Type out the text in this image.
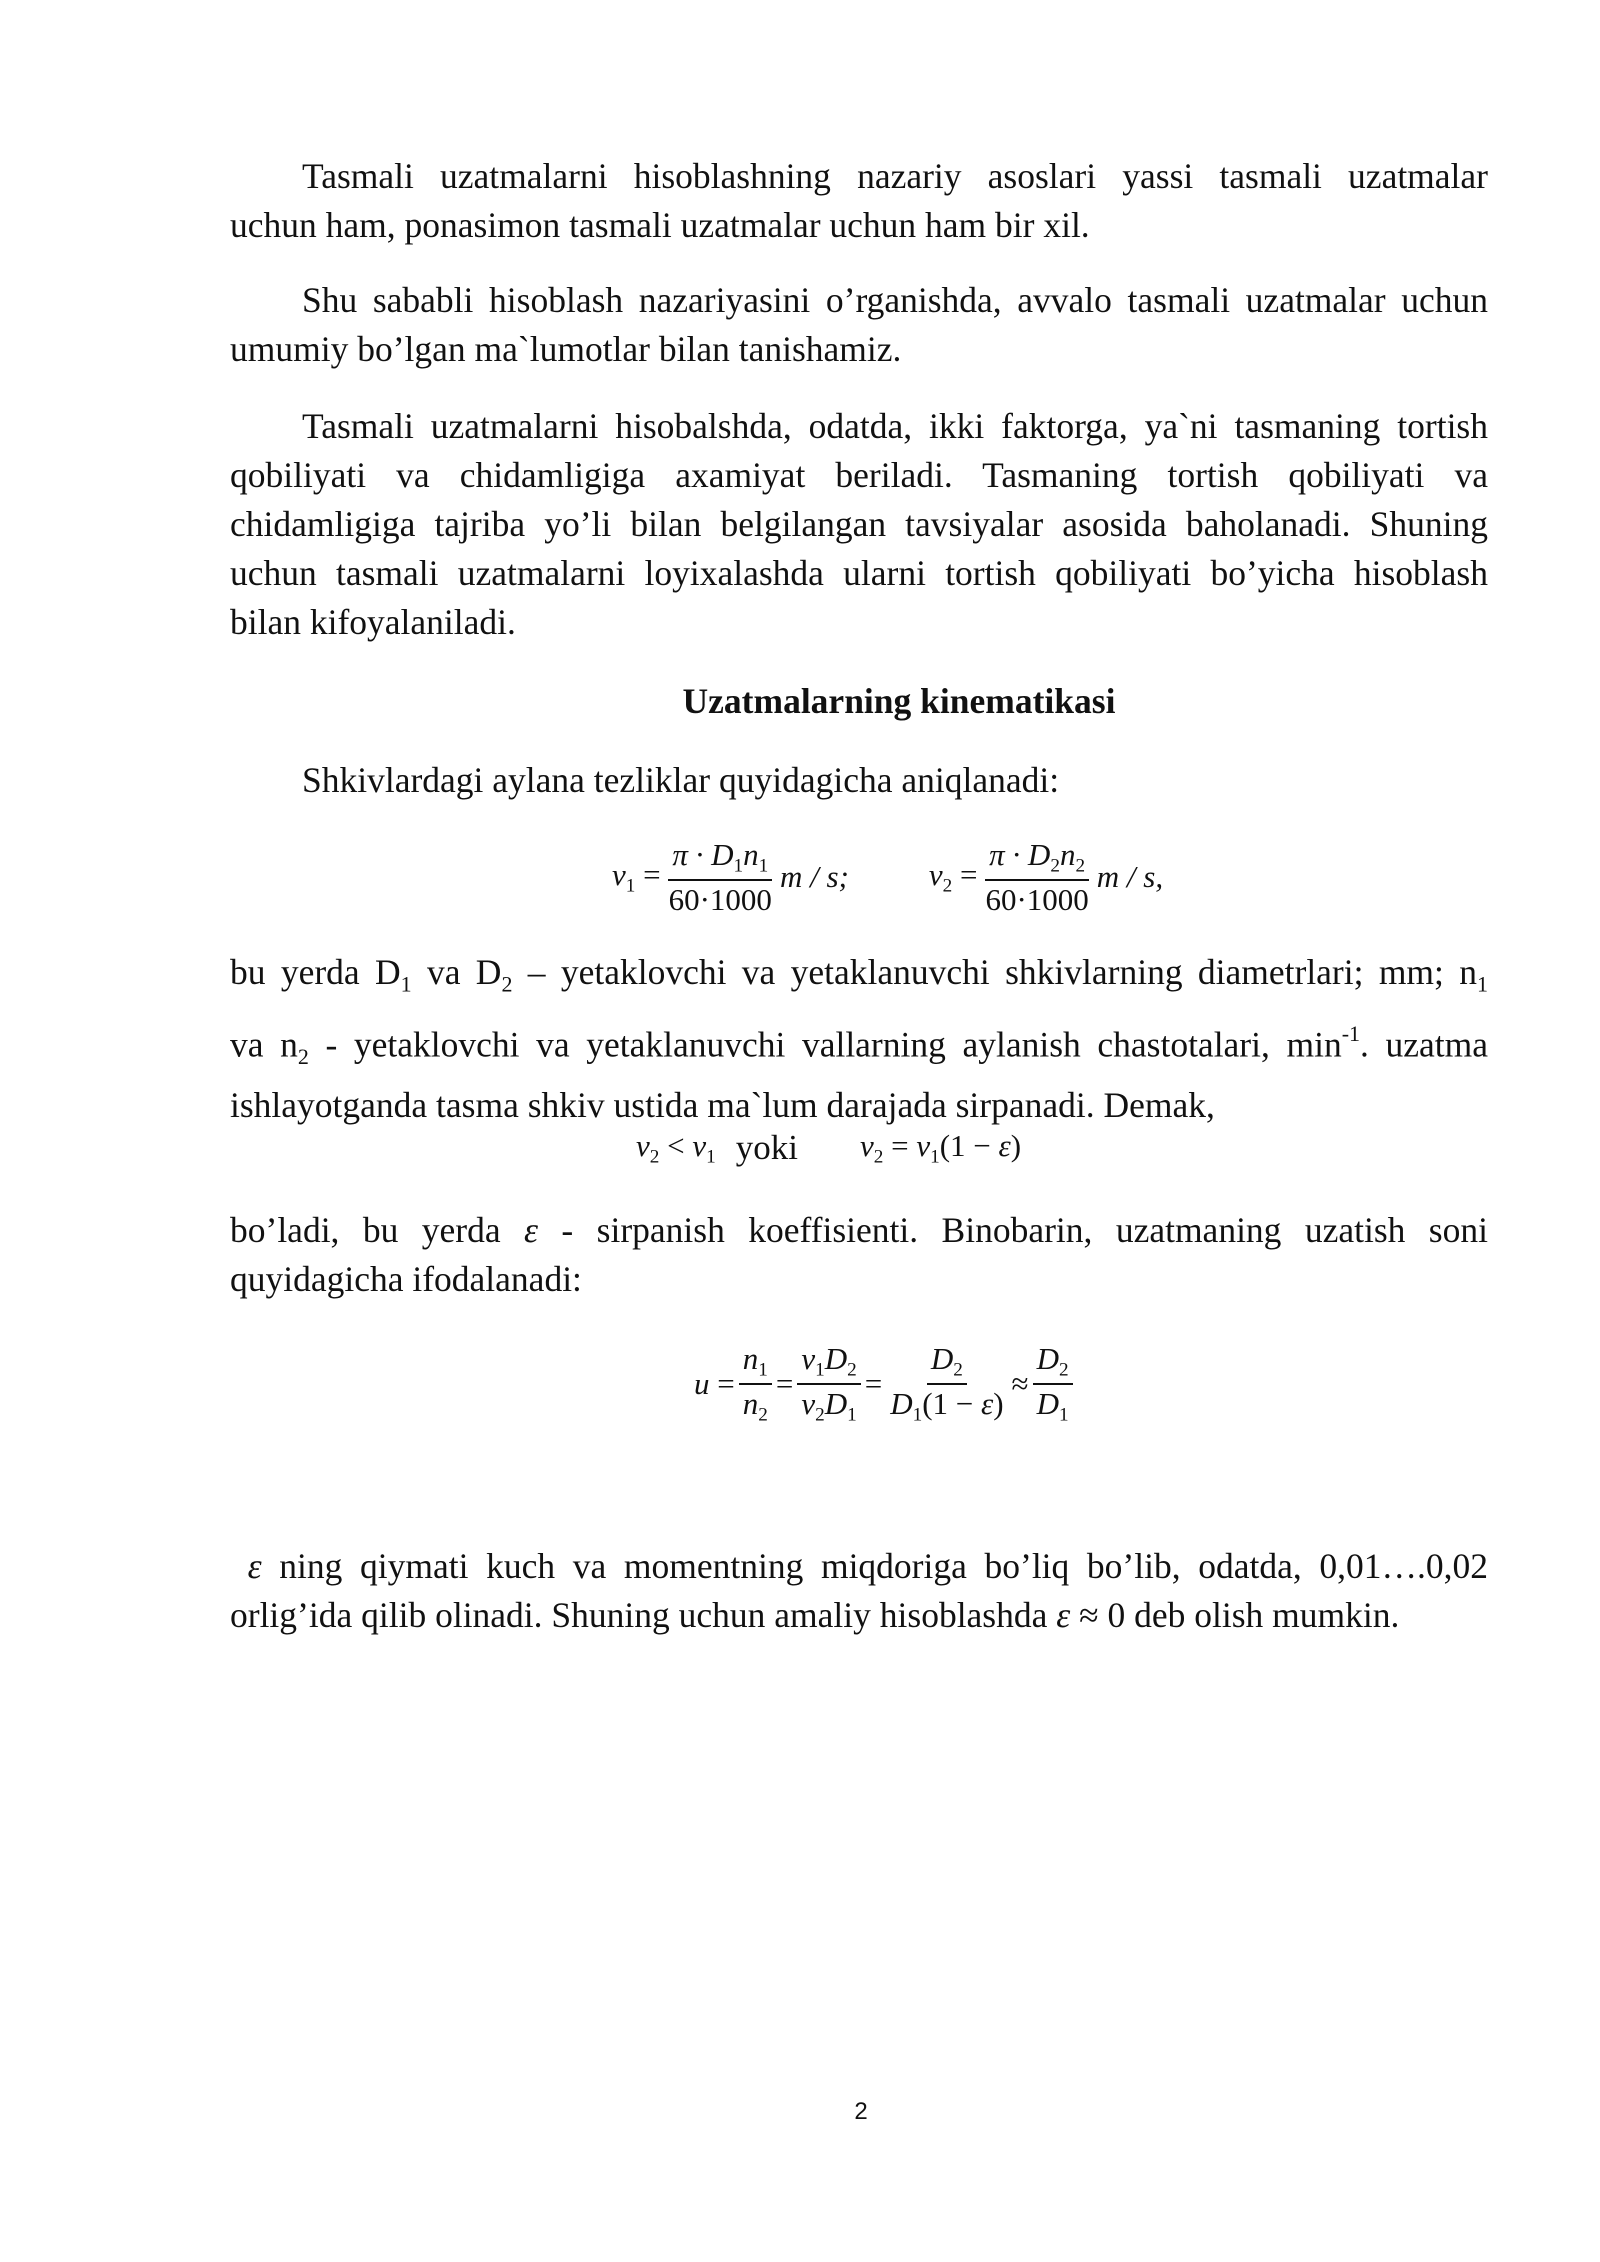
Tasmali uzatmalarni hisoblashning nazariy asoslari yassi tasmali uzatmalar
uchun ham, ponasimon tasmali uzatmalar uchun ham bir xil.
Shu sababli hisoblash nazariyasini o’rganishda, avvalo tasmali uzatmalar uchun
umumiy bo’lgan ma`lumotlar bilan tanishamiz.
Tasmali uzatmalarni hisobalshda, odatda, ikki faktorga, ya`ni tasmaning tortish
qobiliyati va chidamligiga axamiyat beriladi. Tasmaning tortish qobiliyati va
chidamligiga tajriba yo’li bilan belgilangan tavsiyalar asosida baholanadi. Shuning
uchun tasmali uzatmalarni loyixalashda ularni tortish qobiliyati bo’yicha hisoblash
bilan kifoyalaniladi.
Uzatmalarning kinematikasi
Shkivlardagi aylana tezliklar quyidagicha aniqlanadi:
$\nu_1 = \frac{\pi \cdot D_1n_1}{60\cdot 1000}$ m / s;	$\nu_2 = \frac{\pi \cdot D_2n_2}{60\cdot 1000}$ m / s,
bu yerda $D_1$ va $D_2$ – yetaklovchi va yetaklanuvchi shkivlarning diametrlari; mm; $n_1$
va $n_2$ - yetaklovchi va yetaklanuvchi vallarning aylanish chastotalari, $\min^{-1}$. uzatma
ishlayotganda tasma shkiv ustida ma`lum darajada sirpanadi. Demak,
$\nu_2 < \nu_1$ yoki $\nu_2 = \nu_1(1 - \varepsilon)$
bo’ladi, bu yerda ε - sirpanish koeffisienti. Binobarin, uzatmaning uzatish soni
quyidagicha ifodalanadi:
$u = \frac{n_1}{n_2} = \frac{\nu_1D_2}{\nu_2D_1} = \frac{D_2}{D_1(1 - \varepsilon)} \approx \frac{D_2}{D_1}$
ε ning qiymati kuch va momentning miqdoriga bo’liq bo’lib, odatda, 0,01….0,02
orlig’ida qilib olinadi. Shuning uchun amaliy hisoblashda ε ≈ 0 deb olish mumkin.
2
